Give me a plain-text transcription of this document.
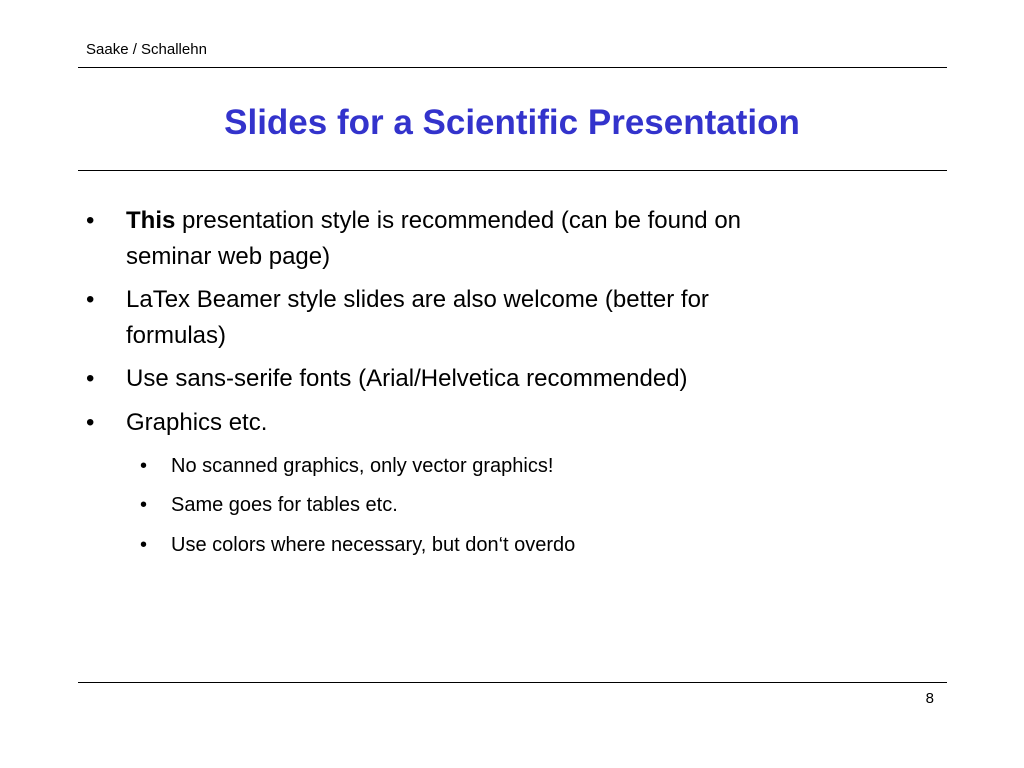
Saake / Schallehn
Slides for a Scientific Presentation
• This presentation style is recommended (can be found on
seminar web page)
• LaTex Beamer style slides are also welcome (better for
formulas)
• Use sans-serife fonts (Arial/Helvetica recommended)
• Graphics etc.
• No scanned graphics, only vector graphics!
• Same goes for tables etc.
• Use colors where necessary, but don‘t overdo
8
